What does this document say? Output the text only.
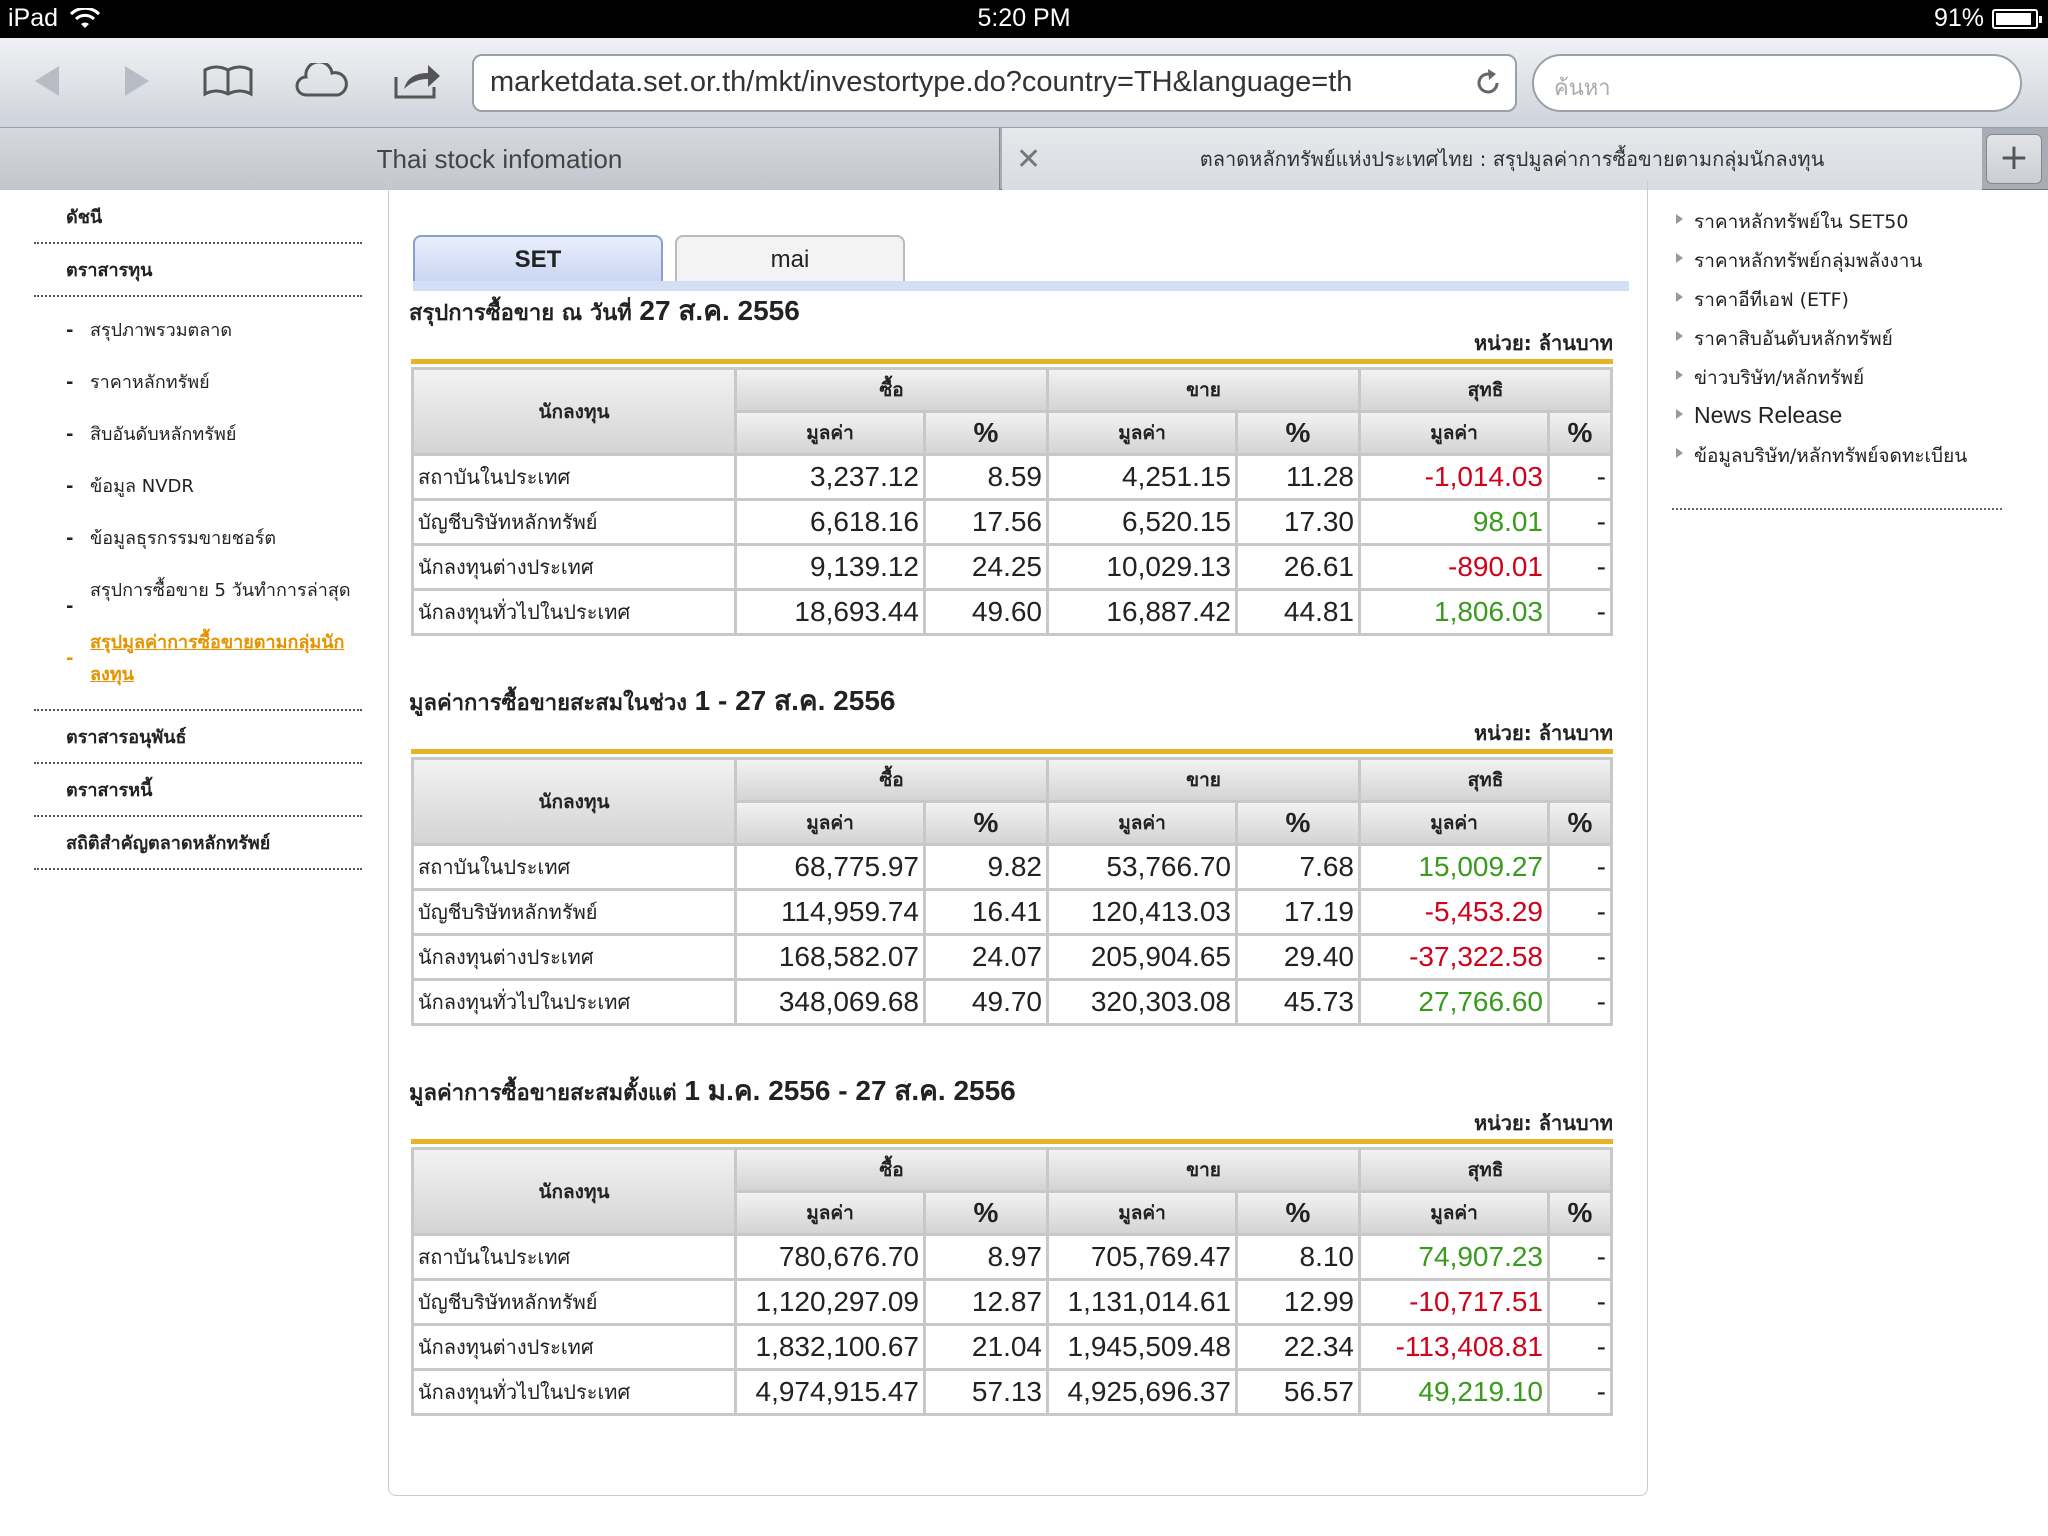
iPad	5:20 PM	91%
marketdata.set.or.th/mkt/investortype.do?country=TH&language=th	ค้นหา
Thai stock infomation	✕	ตลาดหลักทรัพย์แห่งประเทศไทย : สรุปมูลค่าการซื้อขายตามกลุ่มนักลงทุน	+
ดัชนี
ตราสารทุน
- สรุปภาพรวมตลาด
- ราคาหลักทรัพย์
- สิบอันดับหลักทรัพย์
- ข้อมูล NVDR
- ข้อมูลธุรกรรมขายชอร์ต
- สรุปการซื้อขาย 5 วันทำการล่าสุด
- สรุปมูลค่าการซื้อขายตามกลุ่มนักลงทุน
ตราสารอนุพันธ์
ตราสารหนี้
สถิติสำคัญตลาดหลักทรัพย์
SET	mai
สรุปการซื้อขาย ณ วันที่ 27 ส.ค. 2556
หน่วย: ล้านบาท
นักลงทุน	ซื้อ		ขาย		สุทธิ	
	มูลค่า	%	มูลค่า	%	มูลค่า	%
สถาบันในประเทศ	3,237.12	8.59	4,251.15	11.28	-1,014.03	-
บัญชีบริษัทหลักทรัพย์	6,618.16	17.56	6,520.15	17.30	98.01	-
นักลงทุนต่างประเทศ	9,139.12	24.25	10,029.13	26.61	-890.01	-
นักลงทุนทั่วไปในประเทศ	18,693.44	49.60	16,887.42	44.81	1,806.03	-
มูลค่าการซื้อขายสะสมในช่วง 1 - 27 ส.ค. 2556
หน่วย: ล้านบาท
นักลงทุน	ซื้อ		ขาย		สุทธิ	
	มูลค่า	%	มูลค่า	%	มูลค่า	%
สถาบันในประเทศ	68,775.97	9.82	53,766.70	7.68	15,009.27	-
บัญชีบริษัทหลักทรัพย์	114,959.74	16.41	120,413.03	17.19	-5,453.29	-
นักลงทุนต่างประเทศ	168,582.07	24.07	205,904.65	29.40	-37,322.58	-
นักลงทุนทั่วไปในประเทศ	348,069.68	49.70	320,303.08	45.73	27,766.60	-
มูลค่าการซื้อขายสะสมตั้งแต่ 1 ม.ค. 2556 - 27 ส.ค. 2556
หน่วย: ล้านบาท
นักลงทุน	ซื้อ		ขาย		สุทธิ	
	มูลค่า	%	มูลค่า	%	มูลค่า	%
สถาบันในประเทศ	780,676.70	8.97	705,769.47	8.10	74,907.23	-
บัญชีบริษัทหลักทรัพย์	1,120,297.09	12.87	1,131,014.61	12.99	-10,717.51	-
นักลงทุนต่างประเทศ	1,832,100.67	21.04	1,945,509.48	22.34	-113,408.81	-
นักลงทุนทั่วไปในประเทศ	4,974,915.47	57.13	4,925,696.37	56.57	49,219.10	-
ราคาหลักทรัพย์ใน SET50
ราคาหลักทรัพย์กลุ่มพลังงาน
ราคาอีทีเอฟ (ETF)
ราคาสิบอันดับหลักทรัพย์
ข่าวบริษัท/หลักทรัพย์
News Release
ข้อมูลบริษัท/หลักทรัพย์จดทะเบียน
